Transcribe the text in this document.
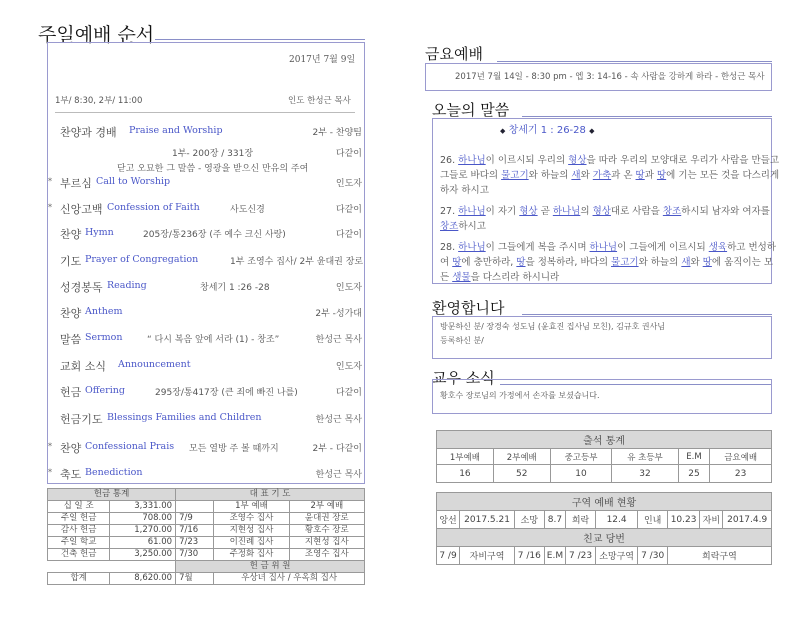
주일예배 순서
2017년 7월 9일
1부/ 8:30, 2부/ 11:00	인도 한성근 목사
찬양과 경배 Praise and Worship	2부 - 찬양팀
1부- 200장 / 331장	다같이
닫고 오묘한 그 말씀 - 영광을 받으신 만유의 주여
* 부르심 Call to Worship	인도자
* 신앙고백 Confession of Faith	사도신경	다같이
찬양 Hymn	205장/통236장 (주 예수 크신 사랑)	다같이
기도 Prayer of Congregation	1부 조영수 집사/ 2부 윤대권 장로
성경봉독 Reading	창세기 1 :26 -28	인도자
찬양 Anthem	2부 -성가대
말씀 Sermon	“ 다시 복음 앞에 서라 (1) - 창조”	한성근 목사
교회 소식 Announcement	인도자
헌금 Offering	295장/통417장 (큰 죄에 빠진 나를)	다같이
헌금기도 Blessings Families and Children	한성근 목사
* 찬양 Confessional Prais 모든 열방 주 볼 때까지	2부 - 다같이
* 축도 Benediction	한성근 목사
헌금 통계		대 표 기 도		
십 일 조	3,331.00		1부 예배	2부 예배
주일 헌금	708.00	7/9	조영수 집사	윤대권 장로
감사 헌금	1,270.00	7/16	지현성 집사	황호수 장로
주일 학교	61.00	7/23	이진례 집사	지현성 집사
건축 헌금	3,250.00	7/30	주정화 집사	조영수 집사
		헌 금 위 원		
합계	8,620.00	7월	우상녀 집사 / 우옥희 집사	
금요예배
2017년 7월 14일 - 8:30 pm - 엡 3: 14-16 - 속 사람을 강하게 하라 - 한성근 목사
오늘의 말씀
◆ 창세기 1 : 26-28 ◆
26. 하나님이 이르시되 우리의 형상을 따라 우리의 모양대로 우리가 사람을 만들고 그들로 바다의 물고기와 하늘의 새와 가축과 온 땅과 땅에 기는 모든 것을 다스리게 하자 하시고
27. 하나님이 자기 형상 곧 하나님의 형상대로 사람을 창조하시되 남자와 여자를 창조하시고
28. 하나님이 그들에게 복을 주시며 하나님이 그들에게 이르시되 생육하고 번성하여 땅에 충만하라, 땅을 정복하라, 바다의 물고기와 하늘의 새와 땅에 움직이는 모든 생물을 다스리라 하시니라
환영합니다
방문하신 분/ 장경숙 성도님 (윤효진 집사님 모친), 김규호 권사님
등록하신 분/
교우 소식
황호수 장로님의 가정에서 손자를 보셨습니다.
출석 통계					
1부예배	2부예배	중고등부	유 초등부	E.M	금요예배
16	52	10	32	25	23
구역 예배 현황									
앙선	2017.5.21	소망	8.7	희락	12.4	인내	10.23	자비	2017.4.9
친교 당번									
7 /9	자비구역	7 /16	E.M	7 /23	소망구역	7 /30	희락구역		
